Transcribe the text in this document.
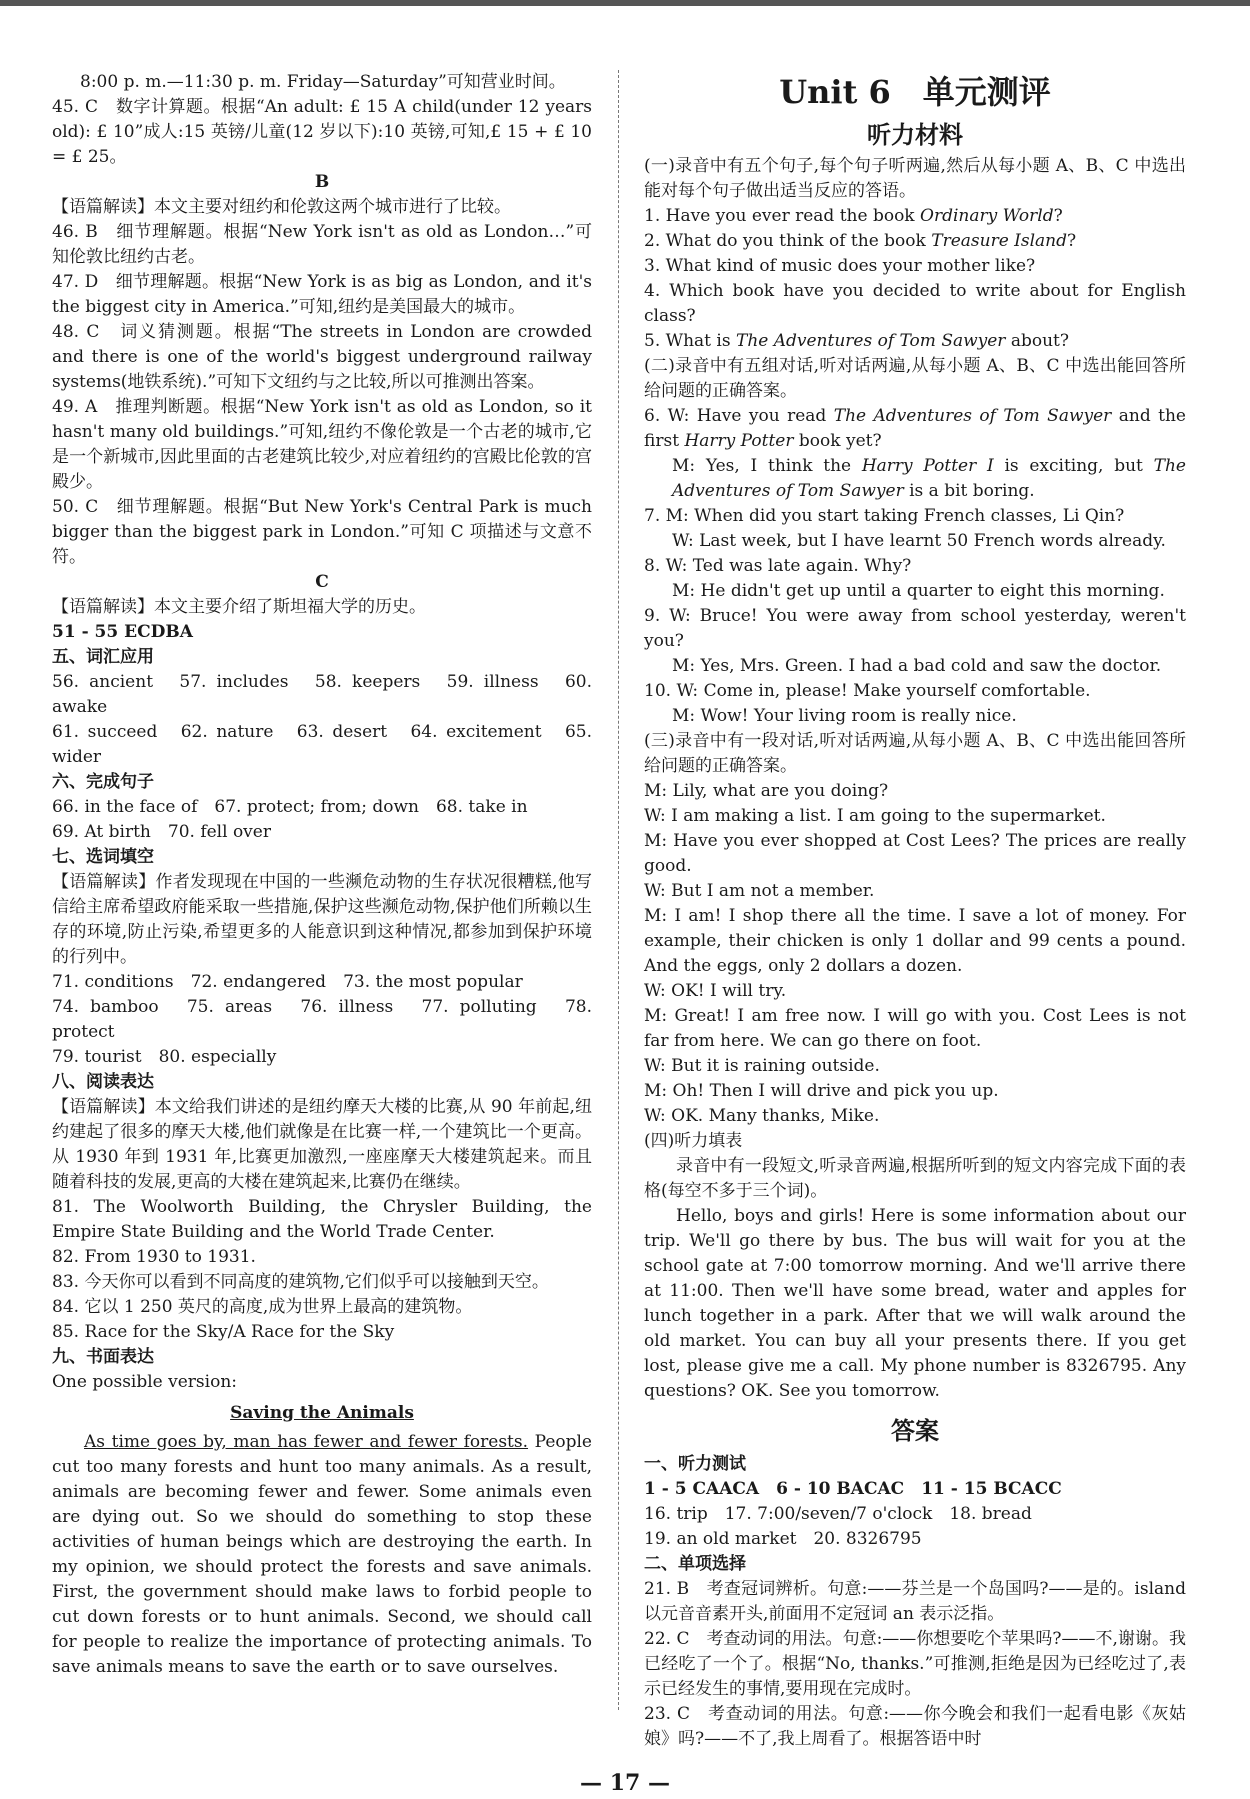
8:00 p. m.—11:30 p. m. Friday—Saturday”可知营业时间。

45. C　数字计算题。根据“An adult: £ 15 A child(under 12 years old): £ 10”成人:15 英镑/儿童(12 岁以下):10 英镑,可知,£ 15 + £ 10 = £ 25。

B

【语篇解读】本文主要对纽约和伦敦这两个城市进行了比较。

46. B　细节理解题。根据“New York isn't as old as London…”可知伦敦比纽约古老。

47. D　细节理解题。根据“New York is as big as London, and it's the biggest city in America.”可知,纽约是美国最大的城市。

48. C　词义猜测题。根据“The streets in London are crowded and there is one of the world's biggest underground railway systems(地铁系统).”可知下文纽约与之比较,所以可推测出答案。

49. A　推理判断题。根据“New York isn't as old as London, so it hasn't many old buildings.”可知,纽约不像伦敦是一个古老的城市,它是一个新城市,因此里面的古老建筑比较少,对应着纽约的宫殿比伦敦的宫殿少。

50. C　细节理解题。根据“But New York's Central Park is much bigger than the biggest park in London.”可知 C 项描述与文意不符。

C

【语篇解读】本文主要介绍了斯坦福大学的历史。

51 - 55 ECDBA

五、词汇应用

56. ancient　57. includes　58. keepers　59. illness　60. awake

61. succeed　62. nature　63. desert　64. excitement　65. wider

六、完成句子

66. in the face of　67. protect; from; down　68. take in

69. At birth　70. fell over

七、选词填空

【语篇解读】作者发现现在中国的一些濒危动物的生存状况很糟糕,他写信给主席希望政府能采取一些措施,保护这些濒危动物,保护他们所赖以生存的环境,防止污染,希望更多的人能意识到这种情况,都参加到保护环境的行列中。

71. conditions　72. endangered　73. the most popular

74. bamboo　75. areas　76. illness　77. polluting　78. protect

79. tourist　80. especially

八、阅读表达

【语篇解读】本文给我们讲述的是纽约摩天大楼的比赛,从 90 年前起,纽约建起了很多的摩天大楼,他们就像是在比赛一样,一个建筑比一个更高。从 1930 年到 1931 年,比赛更加激烈,一座座摩天大楼建筑起来。而且随着科技的发展,更高的大楼在建筑起来,比赛仍在继续。

81. The Woolworth Building, the Chrysler Building, the Empire State Building and the World Trade Center.

82. From 1930 to 1931.

83. 今天你可以看到不同高度的建筑物,它们似乎可以接触到天空。

84. 它以 1 250 英尺的高度,成为世界上最高的建筑物。

85. Race for the Sky/A Race for the Sky

九、书面表达

One possible version:

Saving the Animals

As time goes by, man has fewer and fewer forests. People cut too many forests and hunt too many animals. As a result, animals are becoming fewer and fewer. Some animals even are dying out. So we should do something to stop these activities of human beings which are destroying the earth. In my opinion, we should protect the forests and save animals. First, the government should make laws to forbid people to cut down forests or to hunt animals. Second, we should call for people to realize the importance of protecting animals. To save animals means to save the earth or to save ourselves.

Unit 6　单元测评

听力材料

(一)录音中有五个句子,每个句子听两遍,然后从每小题 A、B、C 中选出能对每个句子做出适当反应的答语。

1. Have you ever read the book Ordinary World?

2. What do you think of the book Treasure Island?

3. What kind of music does your mother like?

4. Which book have you decided to write about for English class?

5. What is The Adventures of Tom Sawyer about?

(二)录音中有五组对话,听对话两遍,从每小题 A、B、C 中选出能回答所给问题的正确答案。

6. W: Have you read The Adventures of Tom Sawyer and the first Harry Potter book yet?

M: Yes, I think the Harry Potter I is exciting, but The Adventures of Tom Sawyer is a bit boring.

7. M: When did you start taking French classes, Li Qin?

W: Last week, but I have learnt 50 French words already.

8. W: Ted was late again. Why?

M: He didn't get up until a quarter to eight this morning.

9. W: Bruce! You were away from school yesterday, weren't you?

M: Yes, Mrs. Green. I had a bad cold and saw the doctor.

10. W: Come in, please! Make yourself comfortable.

M: Wow! Your living room is really nice.

(三)录音中有一段对话,听对话两遍,从每小题 A、B、C 中选出能回答所给问题的正确答案。

M: Lily, what are you doing?

W: I am making a list. I am going to the supermarket.

M: Have you ever shopped at Cost Lees? The prices are really good.

W: But I am not a member.

M: I am! I shop there all the time. I save a lot of money. For example, their chicken is only 1 dollar and 99 cents a pound. And the eggs, only 2 dollars a dozen.

W: OK! I will try.

M: Great! I am free now. I will go with you. Cost Lees is not far from here. We can go there on foot.

W: But it is raining outside.

M: Oh! Then I will drive and pick you up.

W: OK. Many thanks, Mike.

(四)听力填表

录音中有一段短文,听录音两遍,根据所听到的短文内容完成下面的表格(每空不多于三个词)。

Hello, boys and girls! Here is some information about our trip. We'll go there by bus. The bus will wait for you at the school gate at 7:00 tomorrow morning. And we'll arrive there at 11:00. Then we'll have some bread, water and apples for lunch together in a park. After that we will walk around the old market. You can buy all your presents there. If you get lost, please give me a call. My phone number is 8326795. Any questions? OK. See you tomorrow.

答案

一、听力测试

1 - 5 CAACA　6 - 10 BACAC　11 - 15 BCACC

16. trip　17. 7:00/seven/7 o'clock　18. bread

19. an old market　20. 8326795

二、单项选择

21. B　考查冠词辨析。句意:——芬兰是一个岛国吗?——是的。island 以元音音素开头,前面用不定冠词 an 表示泛指。

22. C　考查动词的用法。句意:——你想要吃个苹果吗?——不,谢谢。我已经吃了一个了。根据“No, thanks.”可推测,拒绝是因为已经吃过了,表示已经发生的事情,要用现在完成时。

23. C　考查动词的用法。句意:——你今晚会和我们一起看电影《灰姑娘》吗?——不了,我上周看了。根据答语中时

— 17 —
